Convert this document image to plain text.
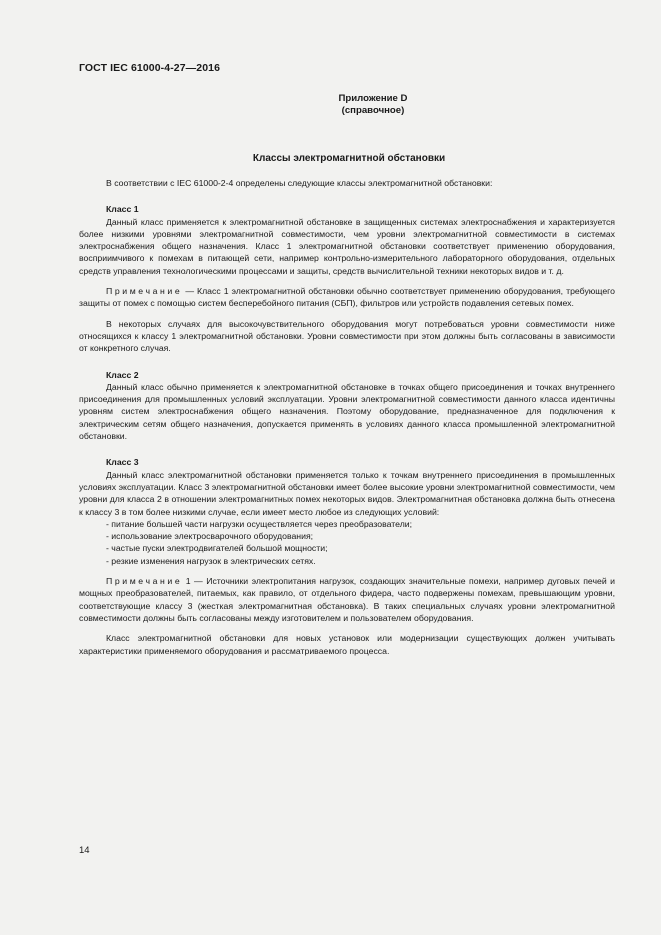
ГОСТ IEC 61000-4-27—2016
Приложение D
(справочное)
Классы электромагнитной обстановки

В соответствии с IEC 61000-2-4 определены следующие классы электромагнитной обстановки:

Класс 1

Данный класс применяется к электромагнитной обстановке в защищенных системах электроснабжения и характеризуется более низкими уровнями электромагнитной совместимости, чем уровни электромагнитной совместимости в системах электроснабжения общего назначения. Класс 1 электромагнитной обстановки соответствует применению оборудования, восприимчивого к помехам в питающей сети, например контрольно-измерительного лабораторного оборудования, отдельных средств управления технологическими процессами и защиты, средств вычислительной техники некоторых видов и т. д.

Примечание — Класс 1 электромагнитной обстановки обычно соответствует применению оборудования, требующего защиты от помех с помощью систем бесперебойного питания (СБП), фильтров или устройств подавления сетевых помех.

В некоторых случаях для высокочувствительного оборудования могут потребоваться уровни совместимости ниже относящихся к классу 1 электромагнитной обстановки. Уровни совместимости при этом должны быть согласованы в зависимости от конкретного случая.

Класс 2

Данный класс обычно применяется к электромагнитной обстановке в точках общего присоединения и точках внутреннего присоединения для промышленных условий эксплуатации. Уровни электромагнитной совместимости данного класса идентичны уровням систем электроснабжения общего назначения. Поэтому оборудование, предназначенное для подключения к электрическим сетям общего назначения, допускается применять в условиях данного класса промышленной электромагнитной обстановки.

Класс 3

Данный класс электромагнитной обстановки применяется только к точкам внутреннего присоединения в промышленных условиях эксплуатации. Класс 3 электромагнитной обстановки имеет более высокие уровни электромагнитной совместимости, чем уровни для класса 2 в отношении электромагнитных помех некоторых видов. Электромагнитная обстановка должна быть отнесена к классу 3 в том более низкими случае, если имеет место любое из следующих условий:

- питание большей части нагрузки осуществляется через преобразователи;

- использование электросварочного оборудования;

- частые пуски электродвигателей большой мощности;

- резкие изменения нагрузок в электрических сетях.

Примечание 1 — Источники электропитания нагрузок, создающих значительные помехи, например дуговых печей и мощных преобразователей, питаемых, как правило, от отдельного фидера, часто подвержены помехам, превышающим уровни, соответствующие классу 3 (жесткая электромагнитная обстановка). В таких специальных случаях уровни электромагнитной совместимости должны быть согласованы между изготовителем и пользователем оборудования.

Класс электромагнитной обстановки для новых установок или модернизации существующих должен учитывать характеристики применяемого оборудования и рассматриваемого процесса.

14
